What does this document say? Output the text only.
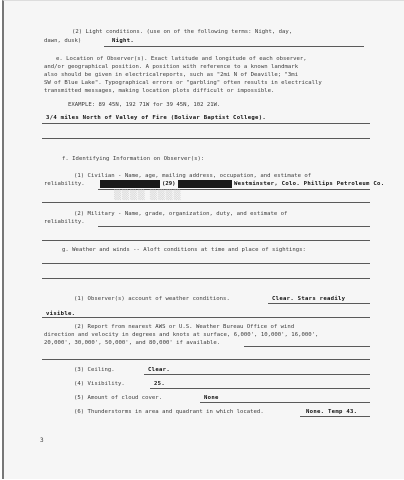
(2) Light conditions. (use on of the following terms: Night, day,
dawn, dusk)	Night.
e. Location of Observer(s). Exact latitude and longitude of each observer,
and/or geographical position. A position with reference to a known landmark
also should be given in electricalreports, such as "2mi N of Deaville; "3mi
SW of Blue Lake". Typographical errors or "garbling" often results in electrically
transmitted messages, making location plots difficult or impossible.
EXAMPLE: 89 45N, 192 71W for 39 45N, 102 21W.
3/4 miles North of Valley of Fire (Bolivar Baptist College).
f. Identifying Information on Observer(s):
(1) Civilian - Name, age, mailing address, occupation, and estimate of
reliability.	(29)	Westminster, Colo. Phillips Petroleum Co.
▒▒▒▒ ▒▒▒▒
(2) Military - Name, grade, organization, duty, and estimate of
reliability.
g. Weather and winds -- Aloft conditions at time and place of sightings:
(1) Observer(s) account of weather conditions.	Clear. Stars readily
visible.
(2) Report from nearest AWS or U.S. Weather Bureau Office of wind
direction and velocity in degrees and knots at surface, 6,000', 10,000', 16,000',
20,000', 30,000', 50,000', and 80,000' if available.
(3) Ceiling.	Clear.
(4) Visibility.	25.
(5) Amount of cloud cover.	None
(6) Thunderstorms in area and quadrant in which located.	None. Temp 43.
3
